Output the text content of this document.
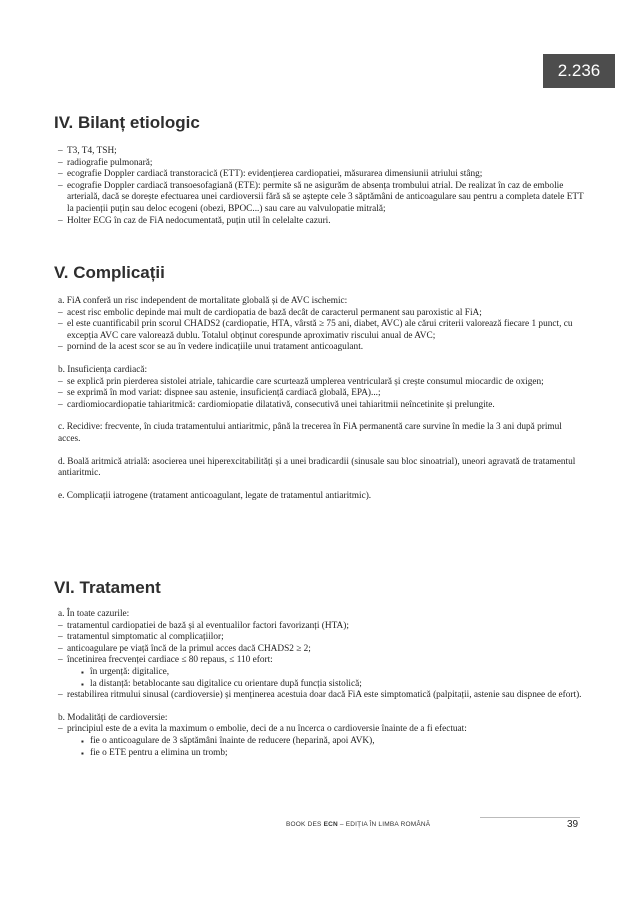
2.236
IV. Bilanț etiologic
– T3, T4, TSH;
– radiografie pulmonară;
– ecografie Doppler cardiacă transtoracică (ETT): evidențierea cardiopatiei, măsurarea dimensiunii atriului stâng;
– ecografie Doppler cardiacă transoesofagiană (ETE): permite să ne asigurăm de absența trombului atrial. De realizat în caz de embolie arterială, dacă se dorește efectuarea unei cardioversii fără să se aștepte cele 3 săptămâni de anticoagulare sau pentru a completa datele ETT la pacienții puțin sau deloc ecogeni (obezi, BPOC...) sau care au valvulopatie mitrală;
– Holter ECG în caz de FiA nedocumentată, puțin util în celelalte cazuri.
V. Complicații

a. FiA conferă un risc independent de mortalitate globală și de AVC ischemic:

– acest risc embolic depinde mai mult de cardiopatia de bază decât de caracterul permanent sau paroxistic al FiA;
– el este cuantificabil prin scorul CHADS2 (cardiopatie, HTA, vârstă ≥ 75 ani, diabet, AVC) ale cărui criterii valorează fiecare 1 punct, cu excepția AVC care valorează dublu. Totalul obținut corespunde aproximativ riscului anual de AVC;
– pornind de la acest scor se au în vedere indicațiile unui tratament anticoagulant.

b. Insuficiența cardiacă:

– se explică prin pierderea sistolei atriale, tahicardie care scurtează umplerea ventriculară și crește consumul miocardic de oxigen;
– se exprimă în mod variat: dispnee sau astenie, insuficiență cardiacă globală, EPA)...;
– cardiomiocardiopatie tahiaritmică: cardiomiopatie dilatativă, consecutivă unei tahiaritmii neîncetinite și prelungite.

c. Recidive: frecvente, în ciuda tratamentului antiaritmic, până la trecerea în FiA permanentă care survine în medie la 3 ani după primul acces.

d. Boală aritmică atrială: asocierea unei hiperexcitabilități și a unei bradicardii (sinusale sau bloc sinoatrial), uneori agravată de tratamentul antiaritmic.

e. Complicații iatrogene (tratament anticoagulant, legate de tratamentul antiaritmic).

VI. Tratament

a. În toate cazurile:

– tratamentul cardiopatiei de bază și al eventualilor factori favorizanți (HTA);
– tratamentul simptomatic al complicațiilor;
– anticoagulare pe viață încă de la primul acces dacă CHADS2 ≥ 2;
– încetinirea frecvenței cardiace ≤ 80 repaus, ≤ 110 efort:
▪ în urgență: digitalice,
▪ la distanță: betablocante sau digitalice cu orientare după funcția sistolică;
– restabilirea ritmului sinusal (cardioversie) și menținerea acestuia doar dacă FiA este simptomatică (palpitații, astenie sau dispnee de efort).

b. Modalități de cardioversie:

– principiul este de a evita la maximum o embolie, deci de a nu încerca o cardioversie înainte de a fi efectuat:
▪ fie o anticoagulare de 3 săptămâni înainte de reducere (heparină, apoi AVK),
▪ fie o ETE pentru a elimina un tromb;
BOOK DES ECN – EDIȚIA ÎN LIMBA ROMÂNĂ	39
